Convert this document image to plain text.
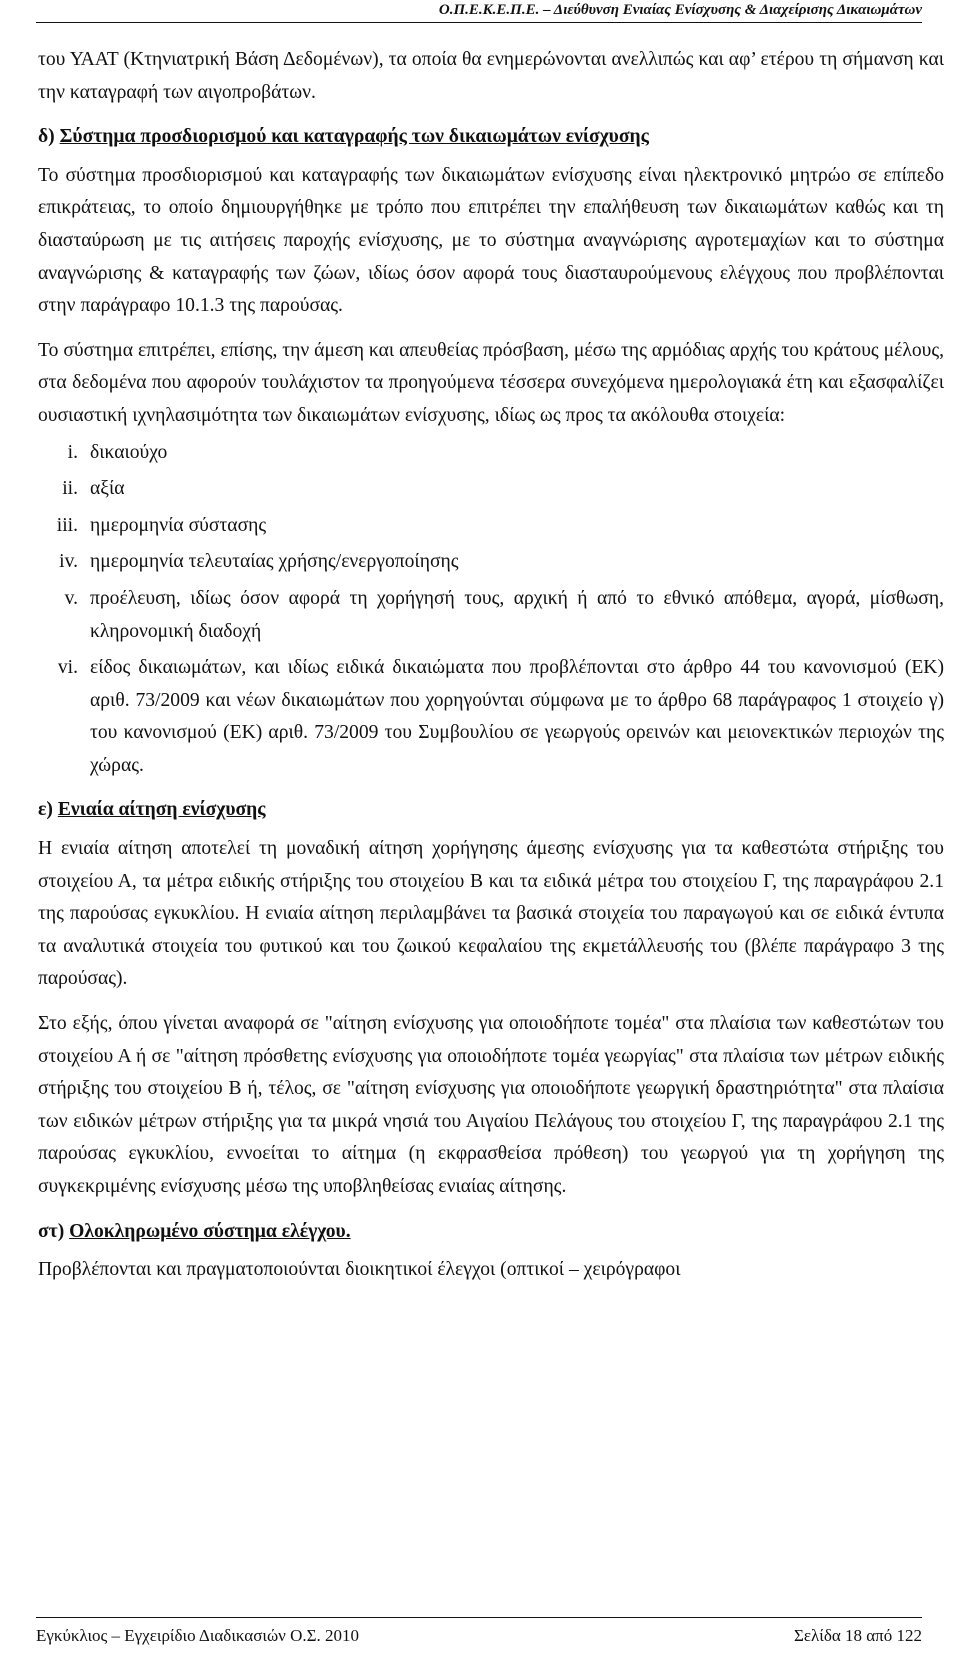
Ο.Π.Ε.Κ.Ε.Π.Ε. – Διεύθυνση Ενιαίας Ενίσχυσης & Διαχείρισης Δικαιωμάτων

του ΥΑΑΤ (Κτηνιατρική Βάση Δεδομένων), τα οποία θα ενημερώνονται ανελλιπώς και αφ’ ετέρου τη σήμανση και την καταγραφή των αιγοπροβάτων.

δ) Σύστημα προσδιορισμού και καταγραφής των δικαιωμάτων ενίσχυσης

Το σύστημα προσδιορισμού και καταγραφής των δικαιωμάτων ενίσχυσης είναι ηλεκτρονικό μητρώο σε επίπεδο επικράτειας, το οποίο δημιουργήθηκε με τρόπο που επιτρέπει την επαλήθευση των δικαιωμάτων καθώς και τη διασταύρωση με τις αιτήσεις παροχής ενίσχυσης, με το σύστημα αναγνώρισης αγροτεμαχίων και το σύστημα αναγνώρισης & καταγραφής των ζώων, ιδίως όσον αφορά τους διασταυρούμενους ελέγχους που προβλέπονται στην παράγραφο 10.1.3 της παρούσας.

Το σύστημα επιτρέπει, επίσης, την άμεση και απευθείας πρόσβαση, μέσω της αρμόδιας αρχής του κράτους μέλους, στα δεδομένα που αφορούν τουλάχιστον τα προηγούμενα τέσσερα συνεχόμενα ημερολογιακά έτη και εξασφαλίζει ουσιαστική ιχνηλασιμότητα των δικαιωμάτων ενίσχυσης, ιδίως ως προς τα ακόλουθα στοιχεία:

i. δικαιούχο
ii. αξία
iii. ημερομηνία σύστασης
iv. ημερομηνία τελευταίας χρήσης/ενεργοποίησης
v. προέλευση, ιδίως όσον αφορά τη χορήγησή τους, αρχική ή από το εθνικό απόθεμα, αγορά, μίσθωση, κληρονομική διαδοχή
vi. είδος δικαιωμάτων, και ιδίως ειδικά δικαιώματα που προβλέπονται στο άρθρο 44 του κανονισμού (ΕΚ) αριθ. 73/2009 και νέων δικαιωμάτων που χορηγούνται σύμφωνα με το άρθρο 68 παράγραφος 1 στοιχείο γ) του κανονισμού (ΕΚ) αριθ. 73/2009 του Συμβουλίου σε γεωργούς ορεινών και μειονεκτικών περιοχών της χώρας.
ε) Ενιαία αίτηση ενίσχυσης

Η ενιαία αίτηση αποτελεί τη μοναδική αίτηση χορήγησης άμεσης ενίσχυσης για τα καθεστώτα στήριξης του στοιχείου Α, τα μέτρα ειδικής στήριξης του στοιχείου Β και τα ειδικά μέτρα του στοιχείου Γ, της παραγράφου 2.1 της παρούσας εγκυκλίου. Η ενιαία αίτηση περιλαμβάνει τα βασικά στοιχεία του παραγωγού και σε ειδικά έντυπα τα αναλυτικά στοιχεία του φυτικού και του ζωικού κεφαλαίου της εκμετάλλευσής του (βλέπε παράγραφο 3 της παρούσας).

Στο εξής, όπου γίνεται αναφορά σε "αίτηση ενίσχυσης για οποιοδήποτε τομέα" στα πλαίσια των καθεστώτων του στοιχείου Α ή σε "αίτηση πρόσθετης ενίσχυσης για οποιοδήποτε τομέα γεωργίας" στα πλαίσια των μέτρων ειδικής στήριξης του στοιχείου Β ή, τέλος, σε "αίτηση ενίσχυσης για οποιοδήποτε γεωργική δραστηριότητα" στα πλαίσια των ειδικών μέτρων στήριξης για τα μικρά νησιά του Αιγαίου Πελάγους του στοιχείου Γ, της παραγράφου 2.1 της παρούσας εγκυκλίου, εννοείται το αίτημα (η εκφρασθείσα πρόθεση) του γεωργού για τη χορήγηση της συγκεκριμένης ενίσχυσης μέσω της υποβληθείσας ενιαίας αίτησης.

στ) Ολοκληρωμένο σύστημα ελέγχου.

Προβλέπονται και πραγματοποιούνται διοικητικοί έλεγχοι (οπτικοί – χειρόγραφοι

Εγκύκλιος – Εγχειρίδιο Διαδικασιών Ο.Σ. 2010	Σελίδα 18 από 122
